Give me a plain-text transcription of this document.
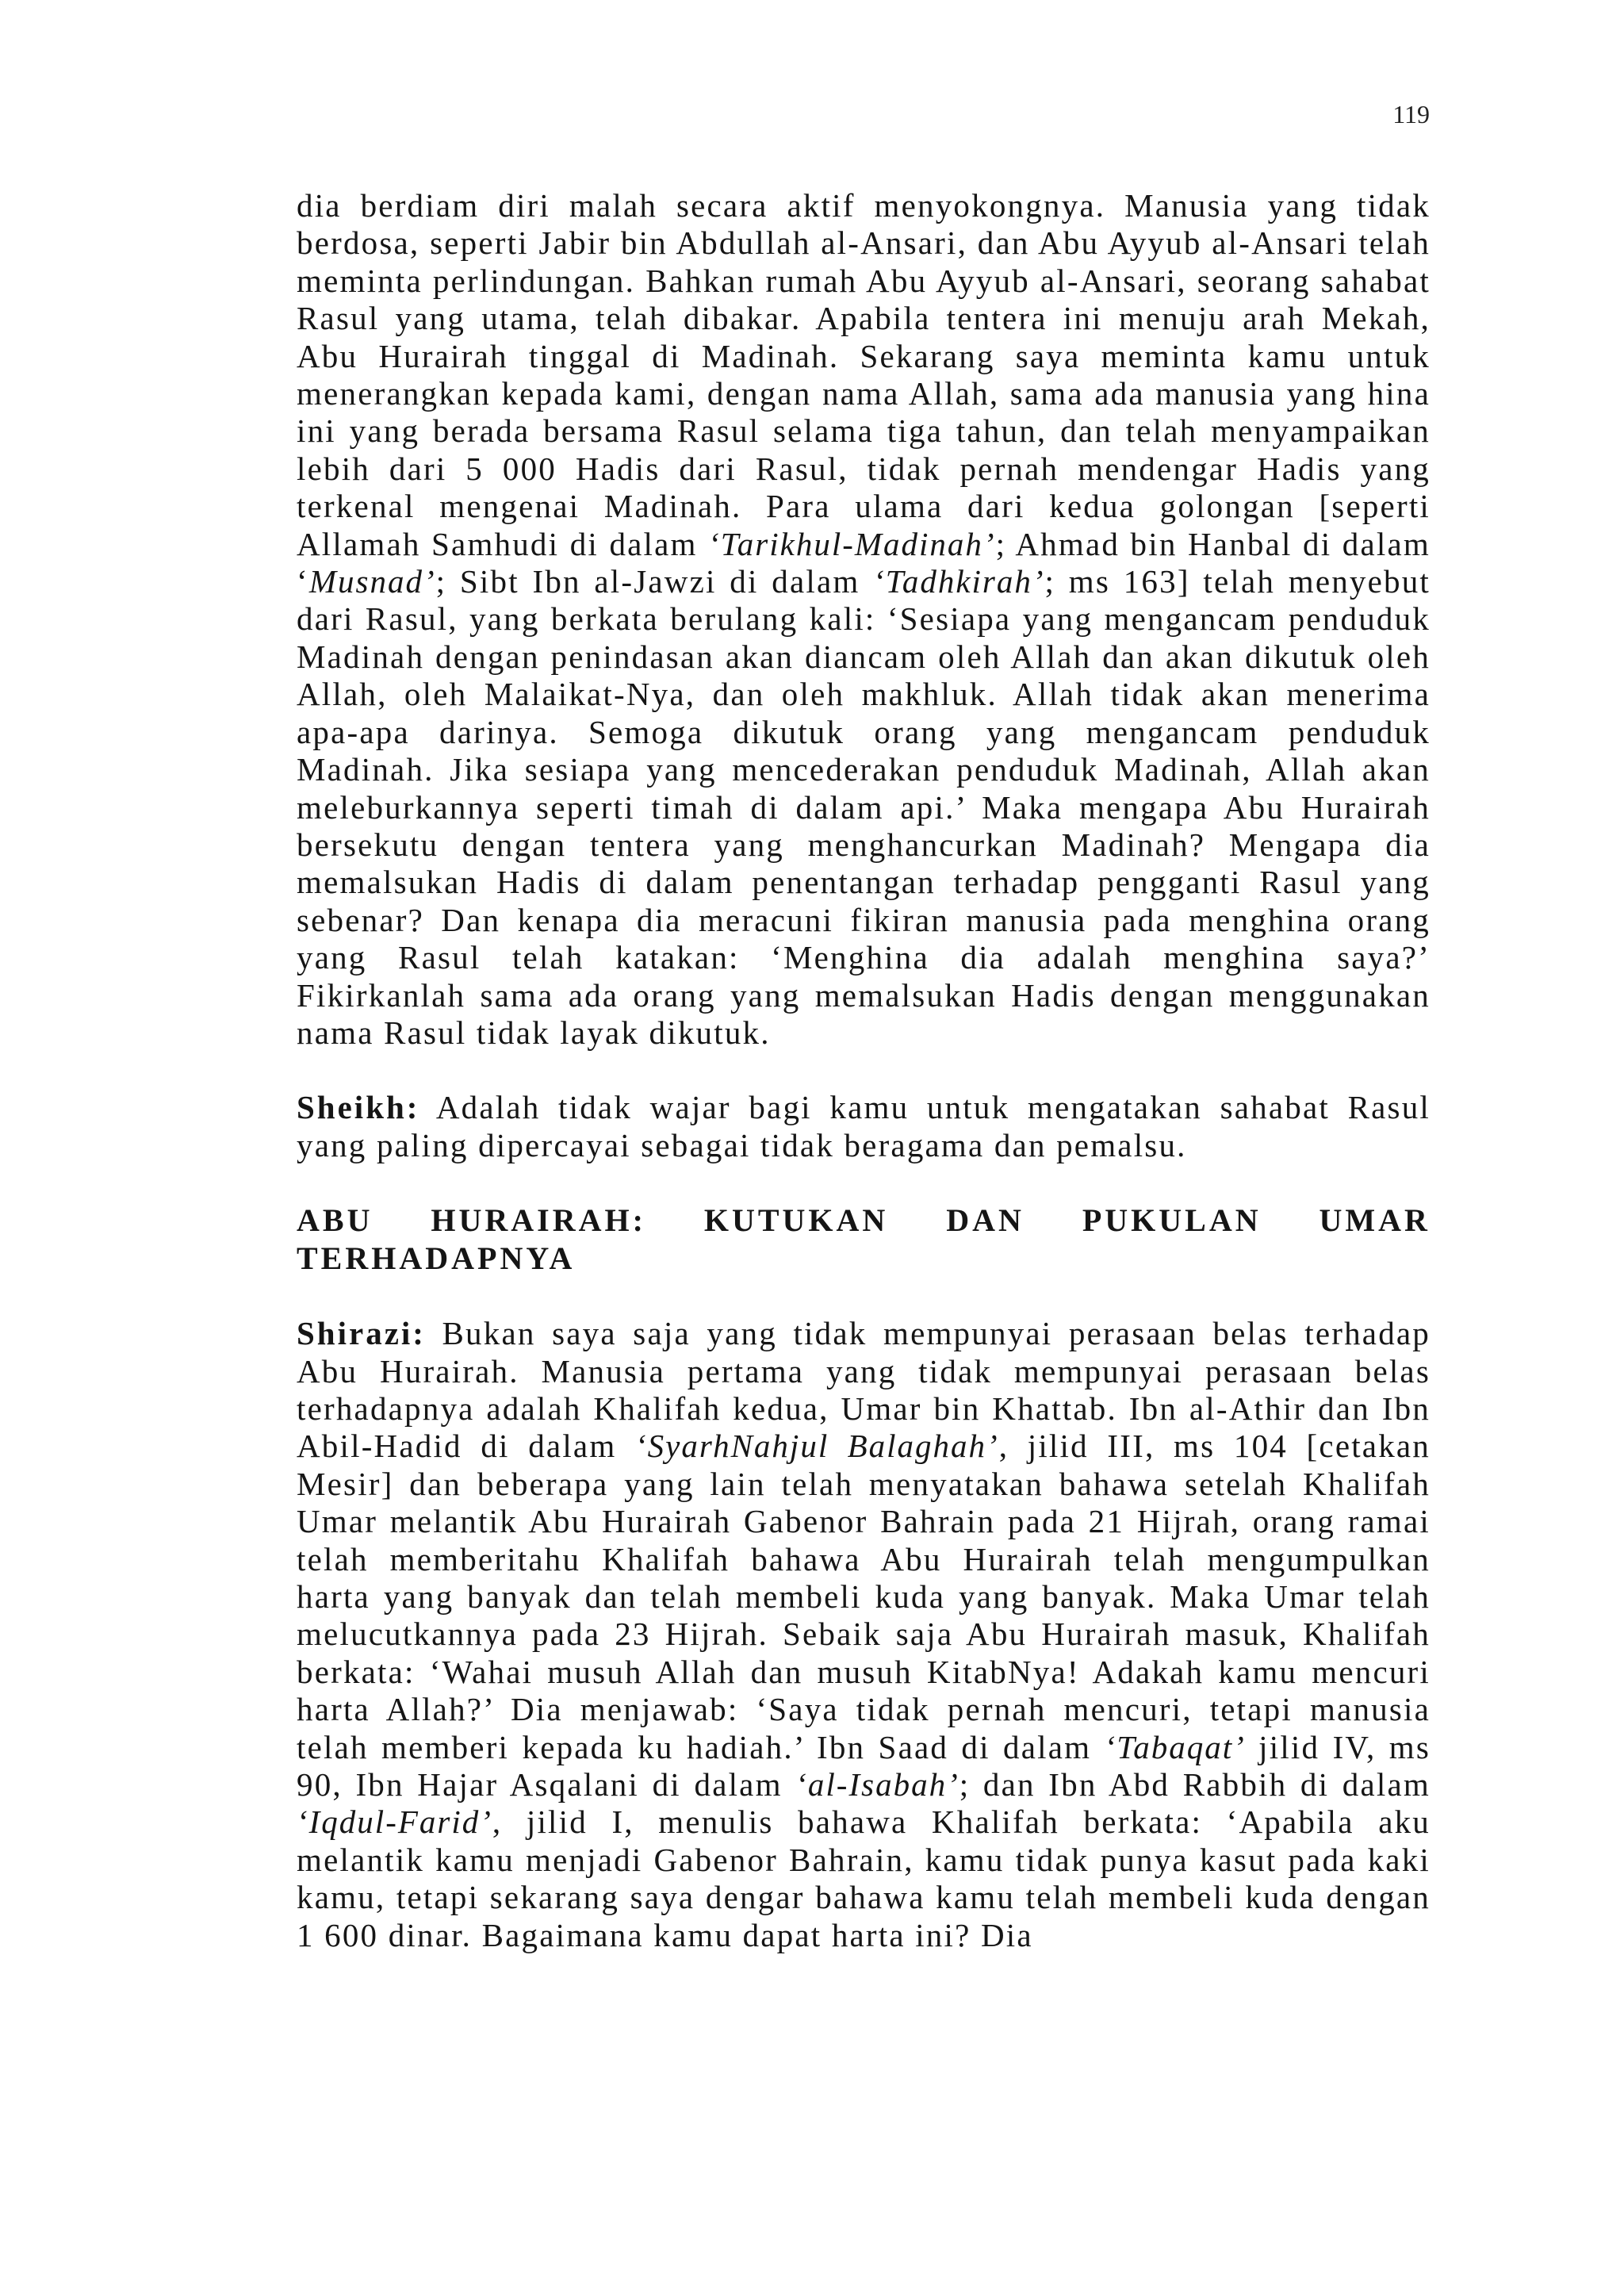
119

dia berdiam diri malah secara aktif menyokongnya. Manusia yang tidak berdosa, seperti Jabir bin Abdullah al-Ansari, dan Abu Ayyub al-Ansari telah meminta perlindungan. Bahkan rumah Abu Ayyub al-Ansari, seorang sahabat Rasul yang utama, telah dibakar. Apabila tentera ini menuju arah Mekah, Abu Hurairah tinggal di Madinah. Sekarang saya meminta kamu untuk menerangkan kepada kami, dengan nama Allah, sama ada manusia yang hina ini yang berada bersama Rasul selama tiga tahun, dan telah menyampaikan lebih dari 5 000 Hadis dari Rasul, tidak pernah mendengar Hadis yang terkenal mengenai Madinah. Para ulama dari kedua golongan [seperti Allamah Samhudi di dalam ‘Tarikhul-Madinah’; Ahmad bin Hanbal di dalam ‘Musnad’; Sibt Ibn al-Jawzi di dalam ‘Tadhkirah’; ms 163] telah menyebut dari Rasul, yang berkata berulang kali: ‘Sesiapa yang mengancam penduduk Madinah dengan penindasan akan diancam oleh Allah dan akan dikutuk oleh Allah, oleh Malaikat-Nya, dan oleh makhluk. Allah tidak akan menerima apa-apa darinya. Semoga dikutuk orang yang mengancam penduduk Madinah. Jika sesiapa yang mencederakan penduduk Madinah, Allah akan meleburkannya seperti timah di dalam api.’ Maka mengapa Abu Hurairah bersekutu dengan tentera yang menghancurkan Madinah? Mengapa dia memalsukan Hadis di dalam penentangan terhadap pengganti Rasul yang sebenar? Dan kenapa dia meracuni fikiran manusia pada menghina orang yang Rasul telah katakan: ‘Menghina dia adalah menghina saya?’ Fikirkanlah sama ada orang yang memalsukan Hadis dengan menggunakan nama Rasul tidak layak dikutuk.

Sheikh: Adalah tidak wajar bagi kamu untuk mengatakan sahabat Rasul yang paling dipercayai sebagai tidak beragama dan pemalsu.

ABU HURAIRAH: KUTUKAN DAN PUKULAN UMAR
TERHADAPNYA

Shirazi: Bukan saya saja yang tidak mempunyai perasaan belas terhadap Abu Hurairah. Manusia pertama yang tidak mempunyai perasaan belas terhadapnya adalah Khalifah kedua, Umar bin Khattab. Ibn al-Athir dan Ibn Abil-Hadid di dalam ‘SyarhNahjul Balaghah’, jilid III, ms 104 [cetakan Mesir] dan beberapa yang lain telah menyatakan bahawa setelah Khalifah Umar melantik Abu Hurairah Gabenor Bahrain pada 21 Hijrah, orang ramai telah memberitahu Khalifah bahawa Abu Hurairah telah mengumpulkan harta yang banyak dan telah membeli kuda yang banyak. Maka Umar telah melucutkannya pada 23 Hijrah. Sebaik saja Abu Hurairah masuk, Khalifah berkata: ‘Wahai musuh Allah dan musuh KitabNya! Adakah kamu mencuri harta Allah?’ Dia menjawab: ‘Saya tidak pernah mencuri, tetapi manusia telah memberi kepada ku hadiah.’ Ibn Saad di dalam ‘Tabaqat’ jilid IV, ms 90, Ibn Hajar Asqalani di dalam ‘al-Isabah’; dan Ibn Abd Rabbih di dalam ‘Iqdul-Farid’, jilid I, menulis bahawa Khalifah berkata: ‘Apabila aku melantik kamu menjadi Gabenor Bahrain, kamu tidak punya kasut pada kaki kamu, tetapi sekarang saya dengar bahawa kamu telah membeli kuda dengan 1 600 dinar. Bagaimana kamu dapat harta ini? Dia
